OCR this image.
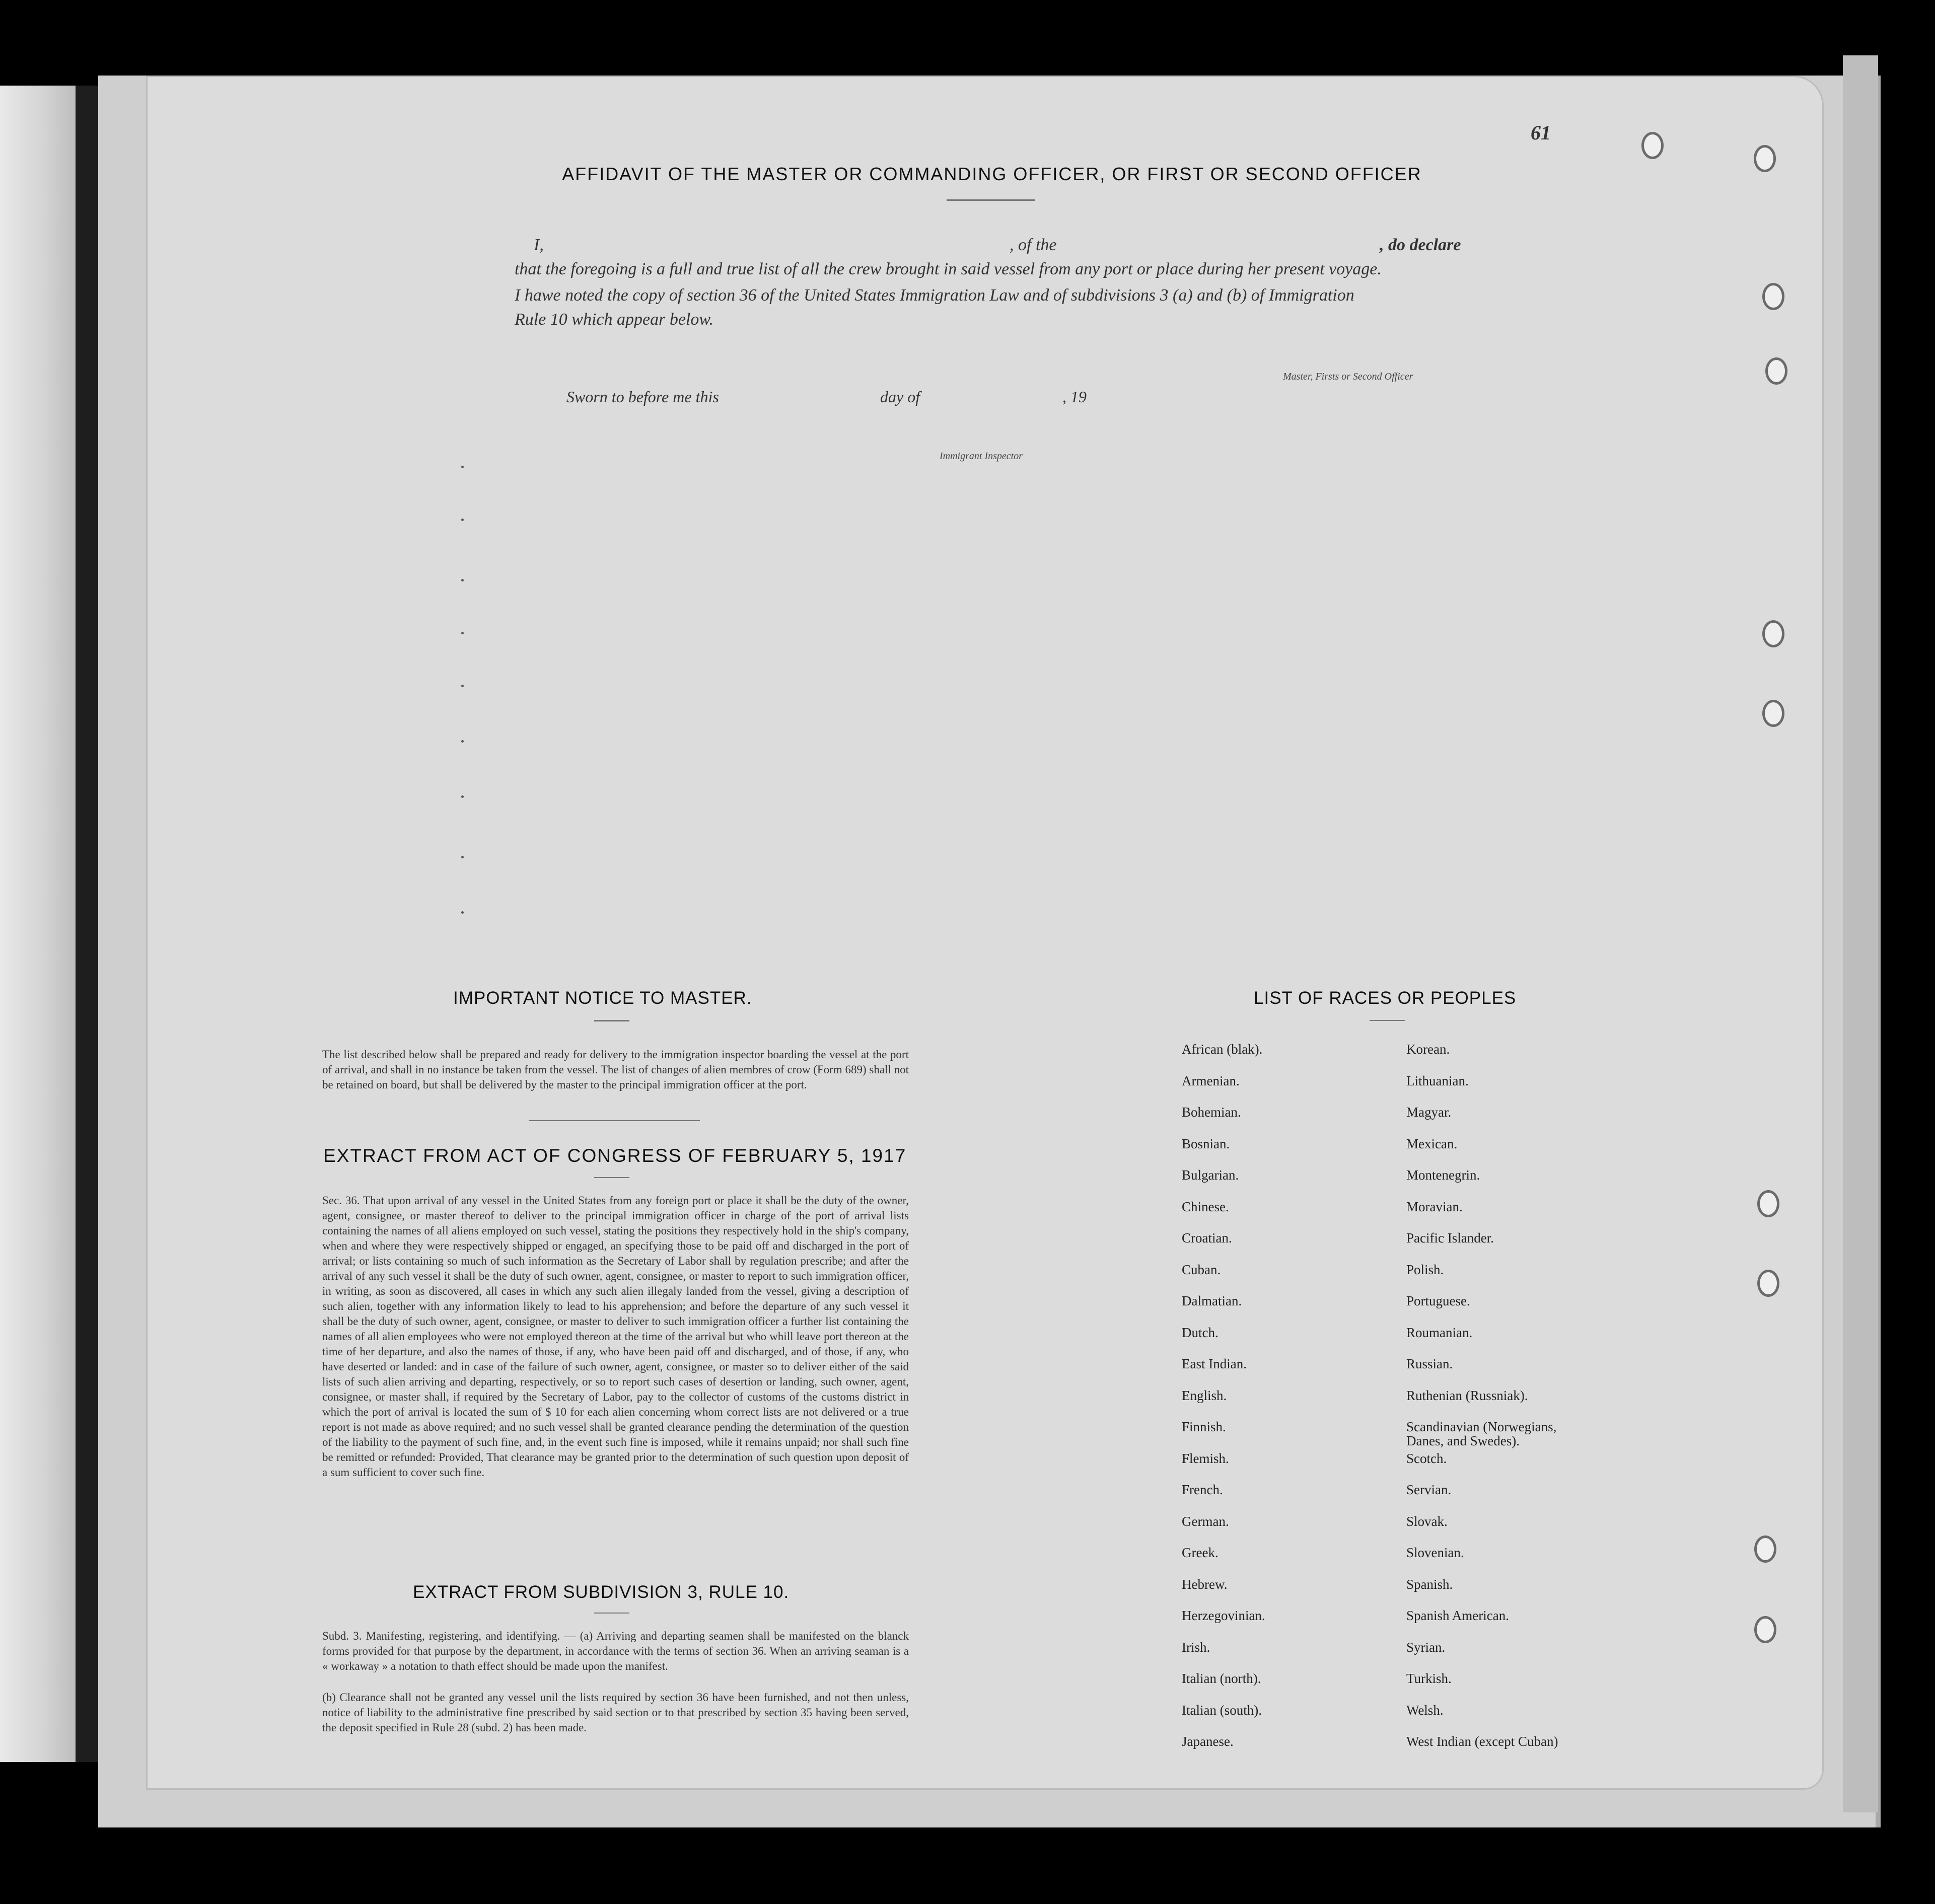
61
AFFIDAVIT OF THE MASTER OR COMMANDING OFFICER, OR FIRST OR SECOND OFFICER
I,	, of the	, do declare
that the foregoing is a full and true list of all the crew brought in said vessel from any port or place during her present voyage.
I hawe noted the copy of section 36 of the United States Immigration Law and of subdivisions 3 (a) and (b) of Immigration
Rule 10 which appear below.
Master, Firsts or Second Officer
Sworn to before me this	day of	, 19
Immigrant Inspector
IMPORTANT NOTICE TO MASTER.
The list described below shall be prepared and ready for delivery to the immigration inspector boarding the vessel at the port of arrival, and shall in no instance be taken from the vessel. The list of changes of alien membres of crow (Form 689) shall not be retained on board, but shall be delivered by the master to the principal immigration officer at the port.
EXTRACT FROM ACT OF CONGRESS OF FEBRUARY 5, 1917
Sec. 36. That upon arrival of any vessel in the United States from any foreign port or place it shall be the duty of the owner, agent, consignee, or master thereof to deliver to the principal immigration officer in charge of the port of arrival lists containing the names of all aliens employed on such vessel, stating the positions they respectively hold in the ship's company, when and where they were respectively shipped or engaged, an specifying those to be paid off and discharged in the port of arrival; or lists containing so much of such information as the Secretary of Labor shall by regulation prescribe; and after the arrival of any such vessel it shall be the duty of such owner, agent, consignee, or master to report to such immigration officer, in writing, as soon as discovered, all cases in which any such alien illegaly landed from the vessel, giving a description of such alien, together with any information likely to lead to his apprehension; and before the departure of any such vessel it shall be the duty of such owner, agent, consignee, or master to deliver to such immigration officer a further list containing the names of all alien employees who were not employed thereon at the time of the arrival but who whill leave port thereon at the time of her departure, and also the names of those, if any, who have been paid off and discharged, and of those, if any, who have deserted or landed: and in case of the failure of such owner, agent, consignee, or master so to deliver either of the said lists of such alien arriving and departing, respectively, or so to report such cases of desertion or landing, such owner, agent, consignee, or master shall, if required by the Secretary of Labor, pay to the collector of customs of the customs district in which the port of arrival is located the sum of $ 10 for each alien concerning whom correct lists are not delivered or a true report is not made as above required; and no such vessel shall be granted clearance pending the determination of the question of the liability to the payment of such fine, and, in the event such fine is imposed, while it remains unpaid; nor shall such fine be remitted or refunded: Provided, That clearance may be granted prior to the determination of such question upon deposit of a sum sufficient to cover such fine.
EXTRACT FROM SUBDIVISION 3, RULE 10.
Subd. 3. Manifesting, registering, and identifying. — (a) Arriving and departing seamen shall be manifested on the blanck forms provided for that purpose by the department, in accordance with the terms of section 36. When an arriving seaman is a « workaway » a notation to thath effect should be made upon the manifest.
(b) Clearance shall not be granted any vessel unil the lists required by section 36 have been furnished, and not then unless, notice of liability to the administrative fine prescribed by said section or to that prescribed by section 35 having been served, the deposit specified in Rule 28 (subd. 2) has been made.
LIST OF RACES OR PEOPLES
African (blak).
Armenian.
Bohemian.
Bosnian.
Bulgarian.
Chinese.
Croatian.
Cuban.
Dalmatian.
Dutch.
East Indian.
English.
Finnish.
Flemish.
French.
German.
Greek.
Hebrew.
Herzegovinian.
Irish.
Italian (north).
Italian (south).
Japanese.
Korean.
Lithuanian.
Magyar.
Mexican.
Montenegrin.
Moravian.
Pacific Islander.
Polish.
Portuguese.
Roumanian.
Russian.
Ruthenian (Russniak).
Scandinavian (Norwegians,
Danes, and Swedes).
Scotch.
Servian.
Slovak.
Slovenian.
Spanish.
Spanish American.
Syrian.
Turkish.
Welsh.
West Indian (except Cuban)
